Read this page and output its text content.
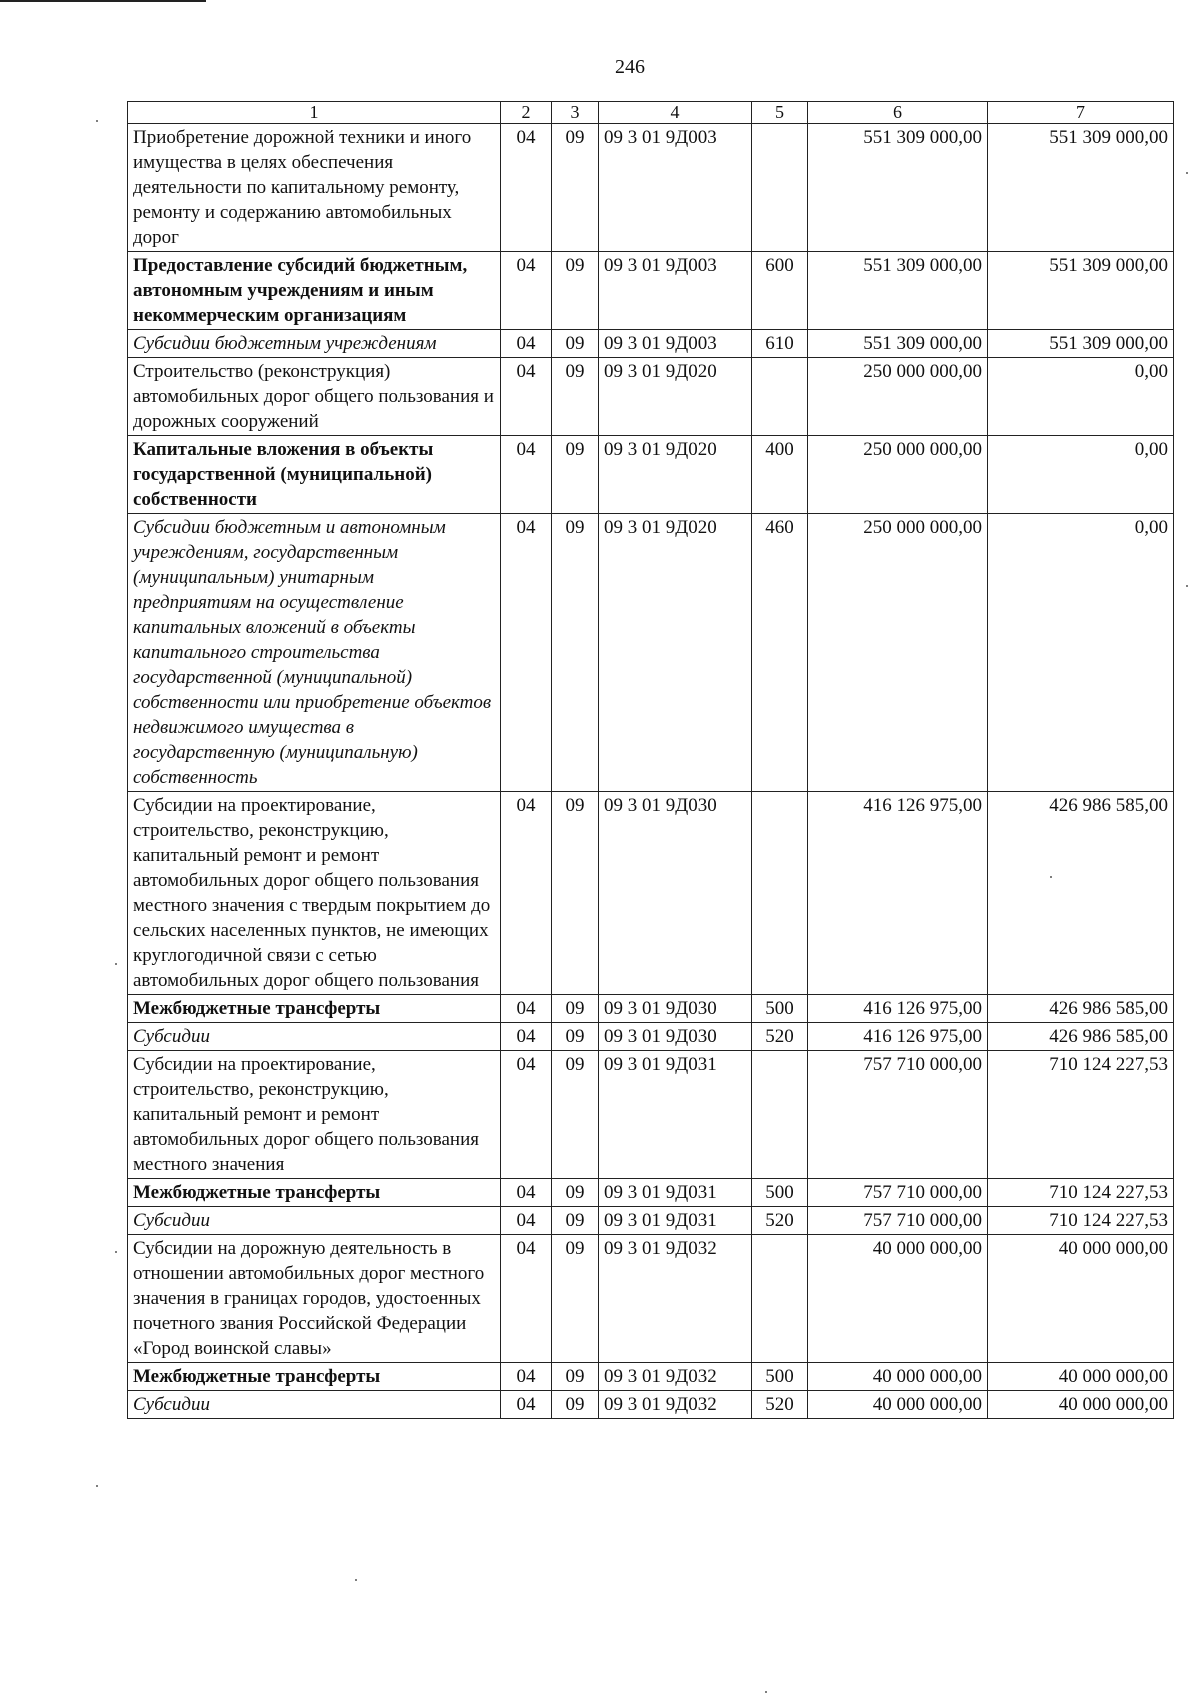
246
1	2	3	4	5	6	7
Приобретение дорожной техники и иного имущества в целях обеспечения деятельности по капитальному ремонту, ремонту и содержанию автомобильных дорог	04	09	09 3 01 9Д003		551 309 000,00	551 309 000,00
Предоставление субсидий бюджетным, автономным учреждениям и иным некоммерческим организациям	04	09	09 3 01 9Д003	600	551 309 000,00	551 309 000,00
Субсидии бюджетным учреждениям	04	09	09 3 01 9Д003	610	551 309 000,00	551 309 000,00
Строительство (реконструкция) автомобильных дорог общего пользования и дорожных сооружений	04	09	09 3 01 9Д020		250 000 000,00	0,00
Капитальные вложения в объекты государственной (муниципальной) собственности	04	09	09 3 01 9Д020	400	250 000 000,00	0,00
Субсидии бюджетным и автономным учреждениям, государственным (муниципальным) унитарным предприятиям на осуществление капитальных вложений в объекты капитального строительства государственной (муниципальной) собственности или приобретение объектов недвижимого имущества в государственную (муниципальную) собственность	04	09	09 3 01 9Д020	460	250 000 000,00	0,00
Субсидии на проектирование, строительство, реконструкцию, капитальный ремонт и ремонт автомобильных дорог общего пользования местного значения с твердым покрытием до сельских населенных пунктов, не имеющих круглогодичной связи с сетью автомобильных дорог общего пользования	04	09	09 3 01 9Д030		416 126 975,00	426 986 585,00
Межбюджетные трансферты	04	09	09 3 01 9Д030	500	416 126 975,00	426 986 585,00
Субсидии	04	09	09 3 01 9Д030	520	416 126 975,00	426 986 585,00
Субсидии на проектирование, строительство, реконструкцию, капитальный ремонт и ремонт автомобильных дорог общего пользования местного значения	04	09	09 3 01 9Д031		757 710 000,00	710 124 227,53
Межбюджетные трансферты	04	09	09 3 01 9Д031	500	757 710 000,00	710 124 227,53
Субсидии	04	09	09 3 01 9Д031	520	757 710 000,00	710 124 227,53
Субсидии на дорожную деятельность в отношении автомобильных дорог местного значения в границах городов, удостоенных почетного звания Российской Федерации «Город воинской славы»	04	09	09 3 01 9Д032		40 000 000,00	40 000 000,00
Межбюджетные трансферты	04	09	09 3 01 9Д032	500	40 000 000,00	40 000 000,00
Субсидии	04	09	09 3 01 9Д032	520	40 000 000,00	40 000 000,00
